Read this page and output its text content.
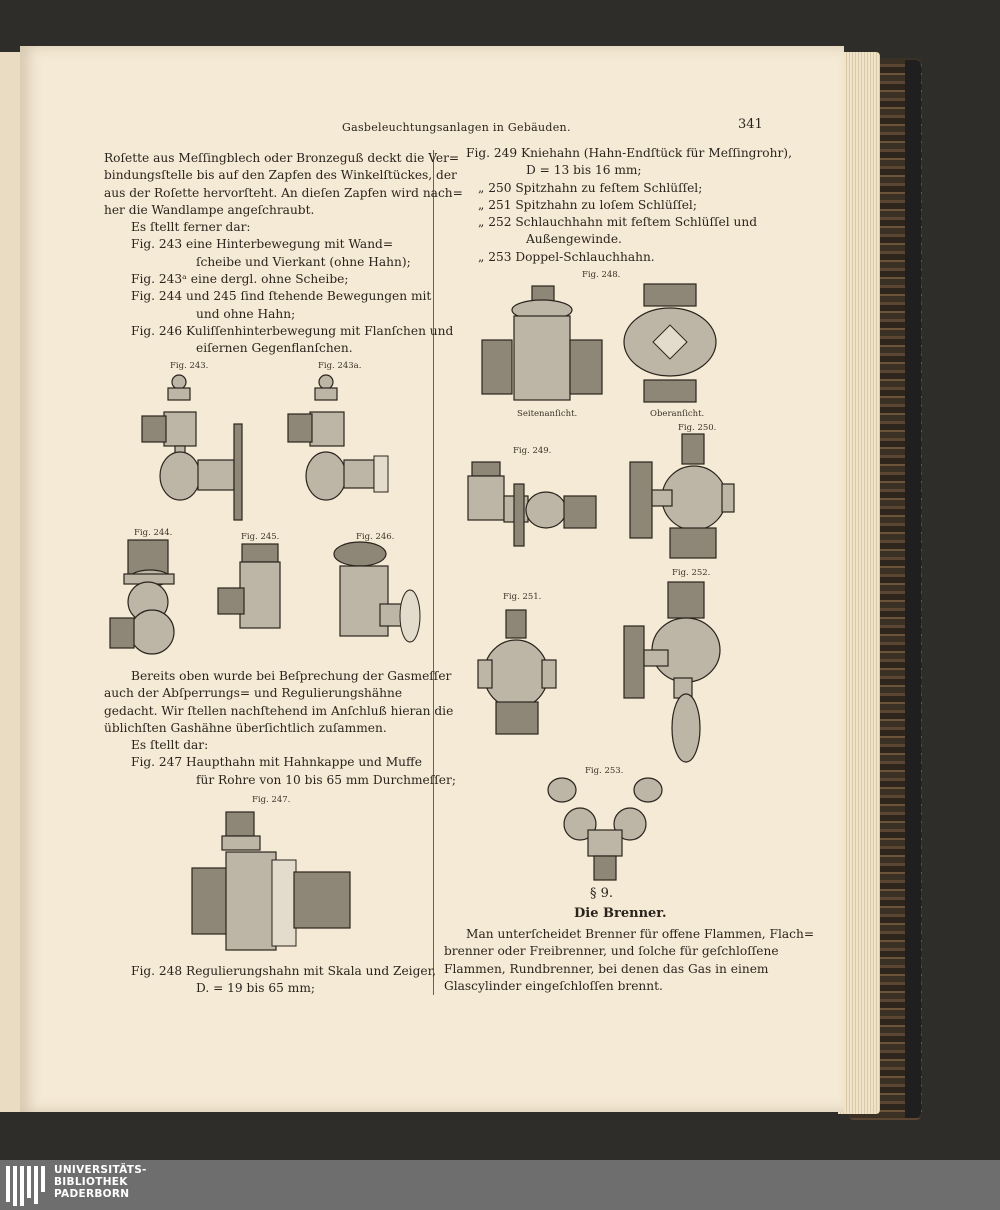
Gasbeleuchtungsanlagen in Gebäuden.	341
Roſette aus Meſſingblech oder Bronzeguß deckt die Ver=
bindungsſtelle bis auf den Zapfen des Winkelſtückes, der
aus der Roſette hervorſteht. An dieſen Zapfen wird nach=
her die Wandlampe angeſchraubt.
Es ſtellt ferner dar:
Fig. 243 eine Hinterbewegung mit Wand=
ſcheibe und Vierkant (ohne Hahn);
Fig. 243ᵃ eine dergl. ohne Scheibe;
Fig. 244 und 245 ſind ſtehende Bewegungen mit
und ohne Hahn;
Fig. 246 Kuliſſenhinterbewegung mit Flanſchen und
eiſernen Gegenflanſchen.
Bereits oben wurde bei Beſprechung der Gasmeſſer
auch der Abſperrungs= und Regulierungshähne
gedacht. Wir ſtellen nachſtehend im Anſchluß hieran die
üblichſten Gashähne überſichtlich zuſammen.
Es ſtellt dar:
Fig. 247 Haupthahn mit Hahnkappe und Muffe
für Rohre von 10 bis 65 mm Durchmeſſer;
Fig. 248 Regulierungshahn mit Skala und Zeiger,
D. = 19 bis 65 mm;
Fig. 249 Kniehahn (Hahn-Endſtück für Meſſingrohr),
D = 13 bis 16 mm;
„ 250 Spitzhahn zu feſtem Schlüſſel;
„ 251 Spitzhahn zu loſem Schlüſſel;
„ 252 Schlauchhahn mit feſtem Schlüſſel und
Außengewinde.
„ 253 Doppel-Schlauchhahn.
§ 9.
Die Brenner.
Man unterſcheidet Brenner für offene Flammen, Flach=
brenner oder Freibrenner, und ſolche für geſchloſſene
Flammen, Rundbrenner, bei denen das Gas in einem
Glascylinder eingeſchloſſen brennt.
Fig. 243.	Fig. 243a.
Fig. 244.	Fig. 245.	Fig. 246.
Fig. 247.
Fig. 248.
Seitenanſicht.	Oberanſicht.
Fig. 249.
Fig. 250.
Fig. 251.
Fig. 252.
Fig. 253.
UNIVERSITÄTS-
BIBLIOTHEK
PADERBORN
